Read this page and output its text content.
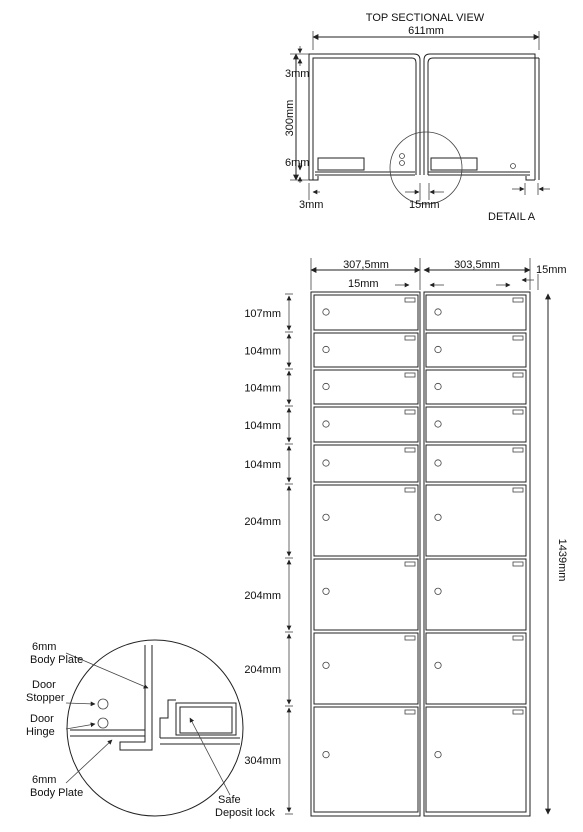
TOP SECTIONAL VIEW
611mm
300mm
3mm
6mm
3mm	15mm
DETAIL A
307,5mm	303,5mm
15mm
15mm
1439mm
107mm
104mm
104mm
104mm
104mm
204mm
204mm
204mm
304mm
6mm Body Plate
Door Stopper
Door Hinge
6mm Body Plate
Safe Deposit lock
